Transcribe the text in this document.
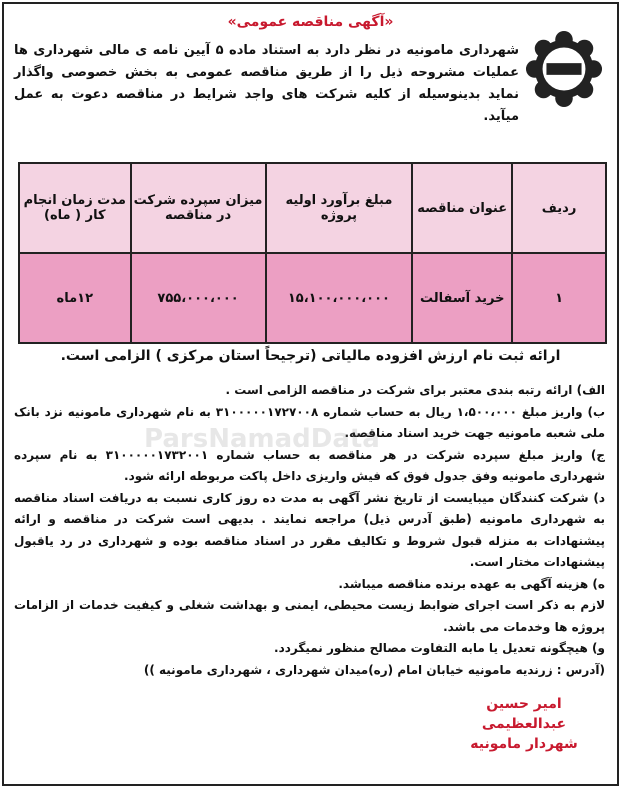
«آگهی مناقصه عمومی»
شهرداری مامونیه در نظر دارد به استناد ماده ۵ آیین نامه ی مالی شهرداری ها عملیات مشروحه ذیل را از طریق مناقصه عمومی به بخش خصوصی واگذار نماید بدینوسیله از کلیه شرکت های واجد شرایط در مناقصه دعوت به عمل میآید.
ردیف	عنوان مناقصه	مبلغ برآورد اولیه پروژه	میزان سپرده شرکت در مناقصه	مدت زمان انجام کار ( ماه)
۱	خرید آسفالت	۱۵،۱۰۰،۰۰۰،۰۰۰	۷۵۵،۰۰۰،۰۰۰	۱۲ماه
ارائه ثبت نام ارزش افزوده مالیاتی (ترجیحاً استان مرکزی ) الزامی است.

الف) ارائه رتبه بندی معتبر برای شرکت در مناقصه الزامی است .

ب) واریز مبلغ ۱،۵۰۰،۰۰۰ ریال به حساب شماره ۳۱۰۰۰۰۰۱۷۲۷۰۰۸ به نام شهرداری مامونیه نزد بانک ملی شعبه مامونیه جهت خرید اسناد مناقصه.

ج) واریز مبلغ سپرده شرکت در هر مناقصه به حساب شماره ۳۱۰۰۰۰۰۱۷۳۲۰۰۱ به نام سپرده شهرداری مامونیه وفق جدول فوق که فیش واریزی داخل پاکت مربوطه ارائه شود.

د) شرکت کنندگان میبایست از تاریخ نشر آگهی به مدت ده روز کاری نسبت به دریافت اسناد مناقصه به شهرداری مامونیه (طبق آدرس ذیل) مراجعه نمایند . بدیهی است شرکت در مناقصه و ارائه پیشنهادات به منزله قبول شروط و تکالیف مقرر در اسناد مناقصه بوده و شهرداری در رد یاقبول پیشنهادات مختار است.

ه) هزینه آگهی به عهده برنده مناقصه میباشد.

لازم به ذکر است اجرای ضوابط زیست محیطی، ایمنی و بهداشت شغلی و کیفیت خدمات از الزامات پروژه ها وخدمات می باشد.

و) هیچگونه تعدیل یا مابه التفاوت مصالح منظور نمیگردد.

(آدرس : زرندیه مامونیه خیابان امام (ره)میدان شهرداری ، شهرداری مامونیه ))

ParsNamadData
امیر حسین عبدالعظیمی
شهردار مامونیه
